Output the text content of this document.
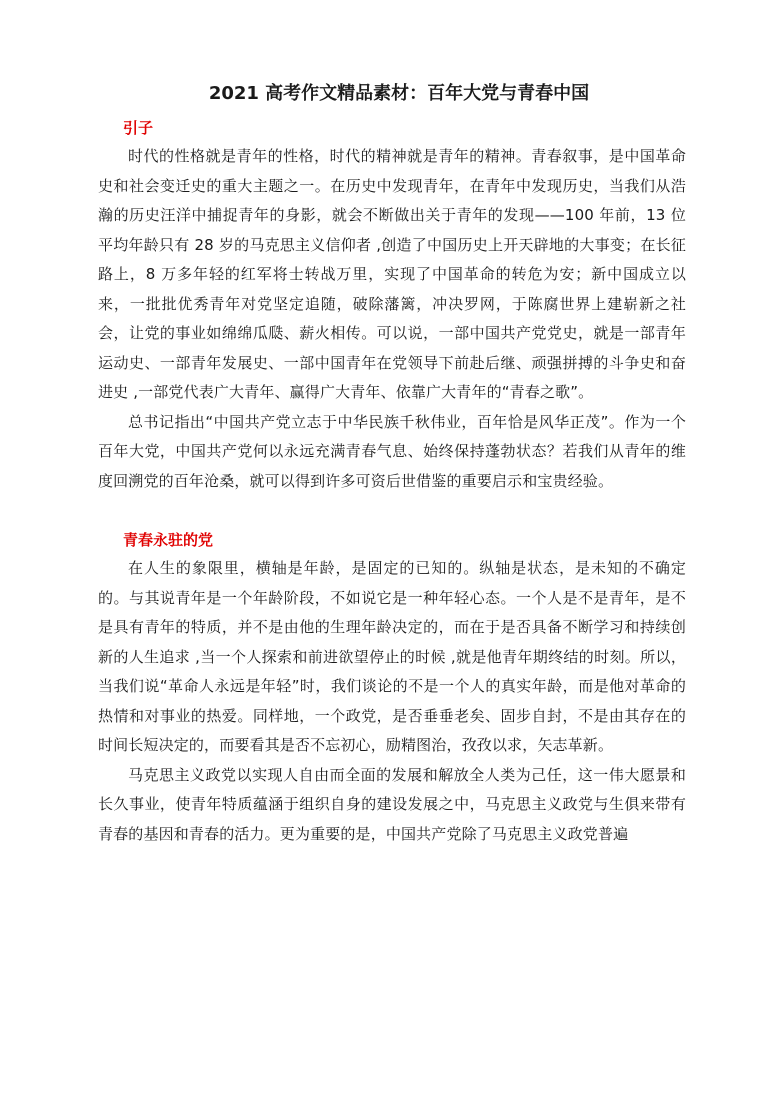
2021 高考作文精品素材：百年大党与青春中国
引子

时代的性格就是青年的性格，时代的精神就是青年的精神。青春叙事，是中国革命史和社会变迁史的重大主题之一。在历史中发现青年，在青年中发现历史，当我们从浩瀚的历史汪洋中捕捉青年的身影，就会不断做出关于青年的发现——100 年前，13 位平均年龄只有 28 岁的马克思主义信仰者 ,创造了中国历史上开天辟地的大事变；在长征路上，8 万多年轻的红军将士转战万里，实现了中国革命的转危为安；新中国成立以来，一批批优秀青年对党坚定追随，破除藩篱，冲决罗网，于陈腐世界上建崭新之社会，让党的事业如绵绵瓜瓞、薪火相传。可以说，一部中国共产党党史，就是一部青年运动史、一部青年发展史、一部中国青年在党领导下前赴后继、顽强拼搏的斗争史和奋进史 ,一部党代表广大青年、赢得广大青年、依靠广大青年的“青春之歌”。

总书记指出“中国共产党立志于中华民族千秋伟业，百年恰是风华正茂”。作为一个百年大党，中国共产党何以永远充满青春气息、始终保持蓬勃状态？若我们从青年的维度回溯党的百年沧桑，就可以得到许多可资后世借鉴的重要启示和宝贵经验。

青春永驻的党

在人生的象限里，横轴是年龄，是固定的已知的。纵轴是状态，是未知的不确定的。与其说青年是一个年龄阶段，不如说它是一种年轻心态。一个人是不是青年，是不是具有青年的特质，并不是由他的生理年龄决定的，而在于是否具备不断学习和持续创新的人生追求 ,当一个人探索和前进欲望停止的时候 ,就是他青年期终结的时刻。所以，当我们说“革命人永远是年轻”时，我们谈论的不是一个人的真实年龄，而是他对革命的热情和对事业的热爱。同样地，一个政党，是否垂垂老矣、固步自封，不是由其存在的时间长短决定的，而要看其是否不忘初心，励精图治，孜孜以求，矢志革新。

马克思主义政党以实现人自由而全面的发展和解放全人类为己任，这一伟大愿景和长久事业，使青年特质蕴涵于组织自身的建设发展之中，马克思主义政党与生俱来带有青春的基因和青春的活力。更为重要的是，中国共产党除了马克思主义政党普遍
